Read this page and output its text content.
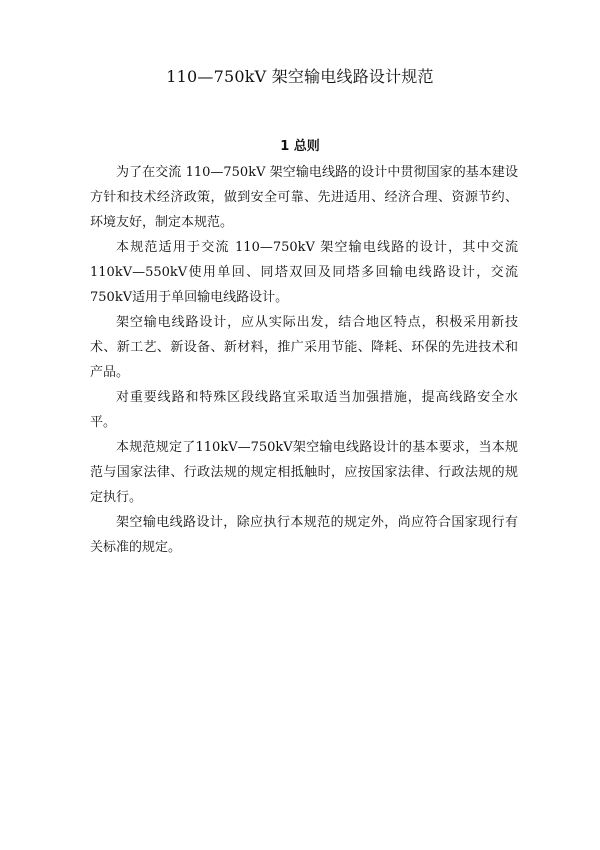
110—750kV 架空输电线路设计规范
1 总则

为了在交流 110—750kV 架空输电线路的设计中贯彻国家的基本建设方针和技术经济政策，做到安全可靠、先进适用、经济合理、资源节约、环境友好，制定本规范。

本规范适用于交流 110—750kV 架空输电线路的设计，其中交流110kV—550kV使用单回、同塔双回及同塔多回输电线路设计，交流750kV适用于单回输电线路设计。

架空输电线路设计，应从实际出发，结合地区特点，积极采用新技术、新工艺、新设备、新材料，推广采用节能、降耗、环保的先进技术和产品。

对重要线路和特殊区段线路宜采取适当加强措施，提高线路安全水平。

本规范规定了110kV—750kV架空输电线路设计的基本要求，当本规范与国家法律、行政法规的规定相抵触时，应按国家法律、行政法规的规定执行。

架空输电线路设计，除应执行本规范的规定外，尚应符合国家现行有关标准的规定。
